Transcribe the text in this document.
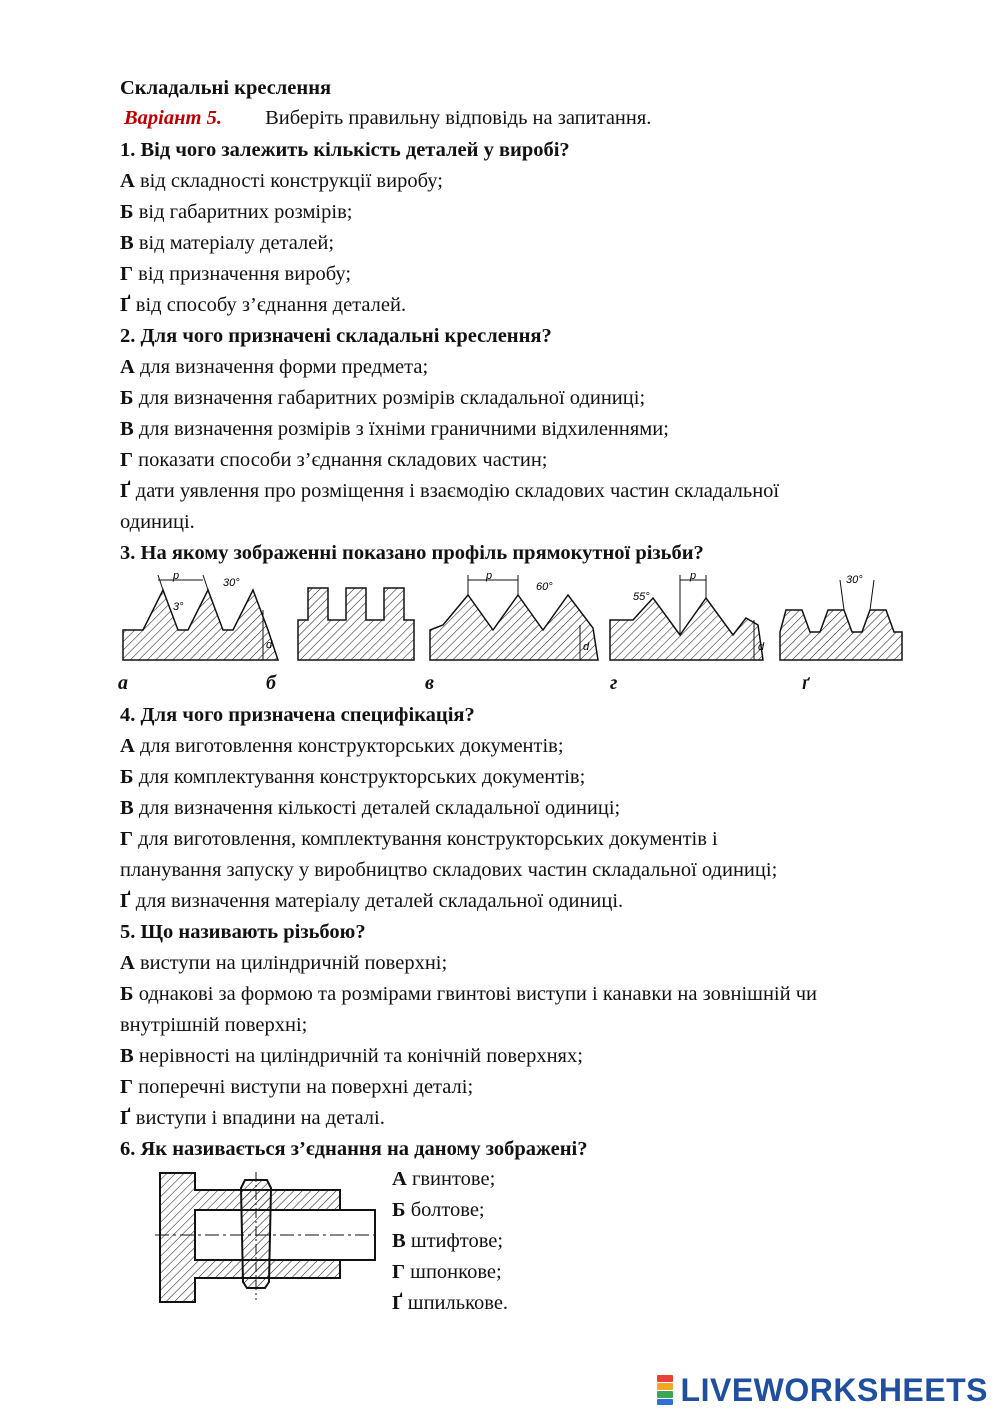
Складальні креслення
Варіант 5. Виберіть правильну відповідь на запитання.
1. Від чого залежить кількість деталей у виробі?
А від складності конструкції виробу;
Б від габаритних розмірів;
В від матеріалу деталей;
Г від призначення виробу;
Ґ від способу з’єднання деталей.
2. Для чого призначені складальні креслення?
А для визначення форми предмета;
Б для визначення габаритних розмірів складальної одиниці;
В для визначення розмірів з їхніми граничними відхиленнями;
Г показати способи з’єднання складових частин;
Ґ дати уявлення про розміщення і взаємодію складових частин складальної
одиниці.
3. На якому зображенні показано профіль прямокутної різьби?
p
30°
3°
d
p
60°
d
p
55°
d
30°
а	б	в	г	ґ
4. Для чого призначена специфікація?
А для виготовлення конструкторських документів;
Б для комплектування конструкторських документів;
В для визначення кількості деталей складальної одиниці;
Г для виготовлення, комплектування конструкторських документів і
планування запуску у виробництво складових частин складальної одиниці;
Ґ для визначення матеріалу деталей складальної одиниці.
5. Що називають різьбою?
А виступи на циліндричній поверхні;
Б однакові за формою та розмірами гвинтові виступи і канавки на зовнішній чи
внутрішній поверхні;
В нерівності на циліндричній та конічній поверхнях;
Г поперечні виступи на поверхні деталі;
Ґ виступи і впадини на деталі.
6. Як називається з’єднання на даному зображені?
А гвинтове;
Б болтове;
В штифтове;
Г шпонкове;
Ґ шпилькове.
LIVEWORKSHEETS
